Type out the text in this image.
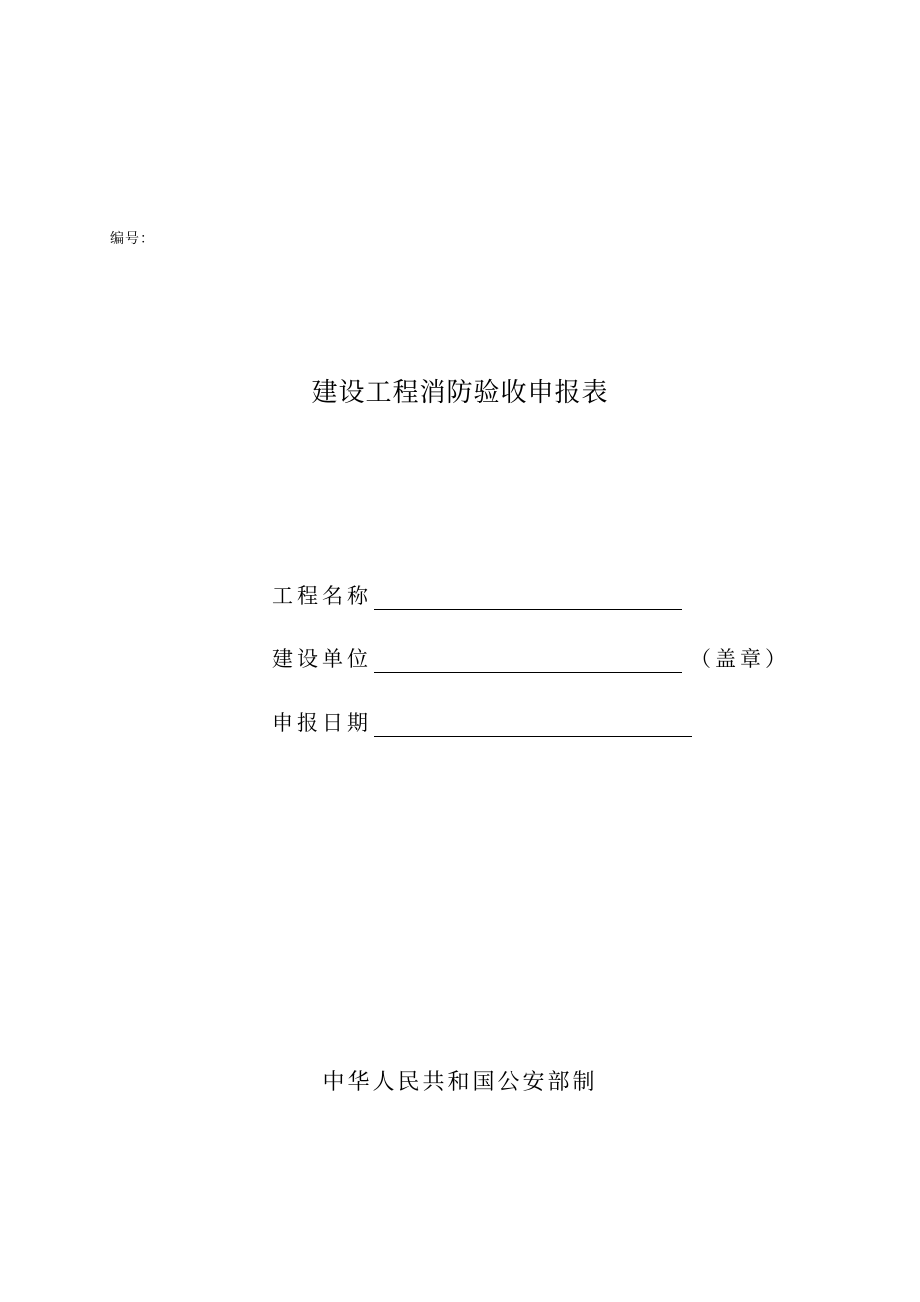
编号：
建设工程消防验收申报表
工程名称
建设单位	（盖章）
申报日期
中华人民共和国公安部制
